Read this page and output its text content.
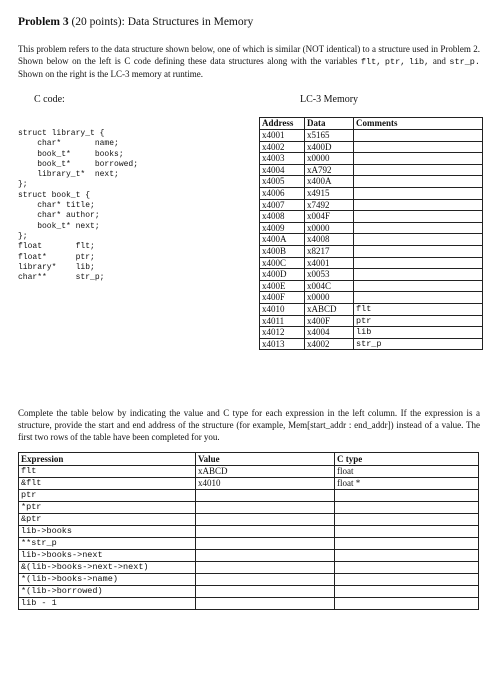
Problem 3 (20 points): Data Structures in Memory
This problem refers to the data structure shown below, one of which is similar (NOT identical) to a structure used in Problem 2. Shown below on the left is C code defining these data structures along with the variables flt, ptr, lib, and str_p. Shown on the right is the LC-3 memory at runtime.
C code:	LC-3 Memory
struct library_t {
char*       name;
book_t*     books;
book_t*     borrowed;
library_t*  next;
};
struct book_t {
char* title;
char* author;
book_t* next;
};
float       flt;
float*      ptr;
library*    lib;
char**      str_p;

Address	Data	Comments
x4001	x5165	
x4002	x400D	
x4003	x0000	
x4004	xA792	
x4005	x400A	
x4006	x4915	
x4007	x7492	
x4008	x004F	
x4009	x0000	
x400A	x4008	
x400B	x8217	
x400C	x4001	
x400D	x0053	
x400E	x004C	
x400F	x0000	
x4010	xABCD	flt
x4011	x400F	ptr
x4012	x4004	lib
x4013	x4002	str_p
Complete the table below by indicating the value and C type for each expression in the left column. If the expression is a structure, provide the start and end address of the structure (for example, Mem[start_addr : end_addr]) instead of a value. The first two rows of the table have been completed for you.
Expression	Value	C type
flt	xABCD	float
&flt	x4010	float *
ptr		
*ptr		
&ptr		
lib->books		
**str_p		
lib->books->next		
&(lib->books->next->next)		
*(lib->books->name)		
*(lib->borrowed)		
lib - 1		
